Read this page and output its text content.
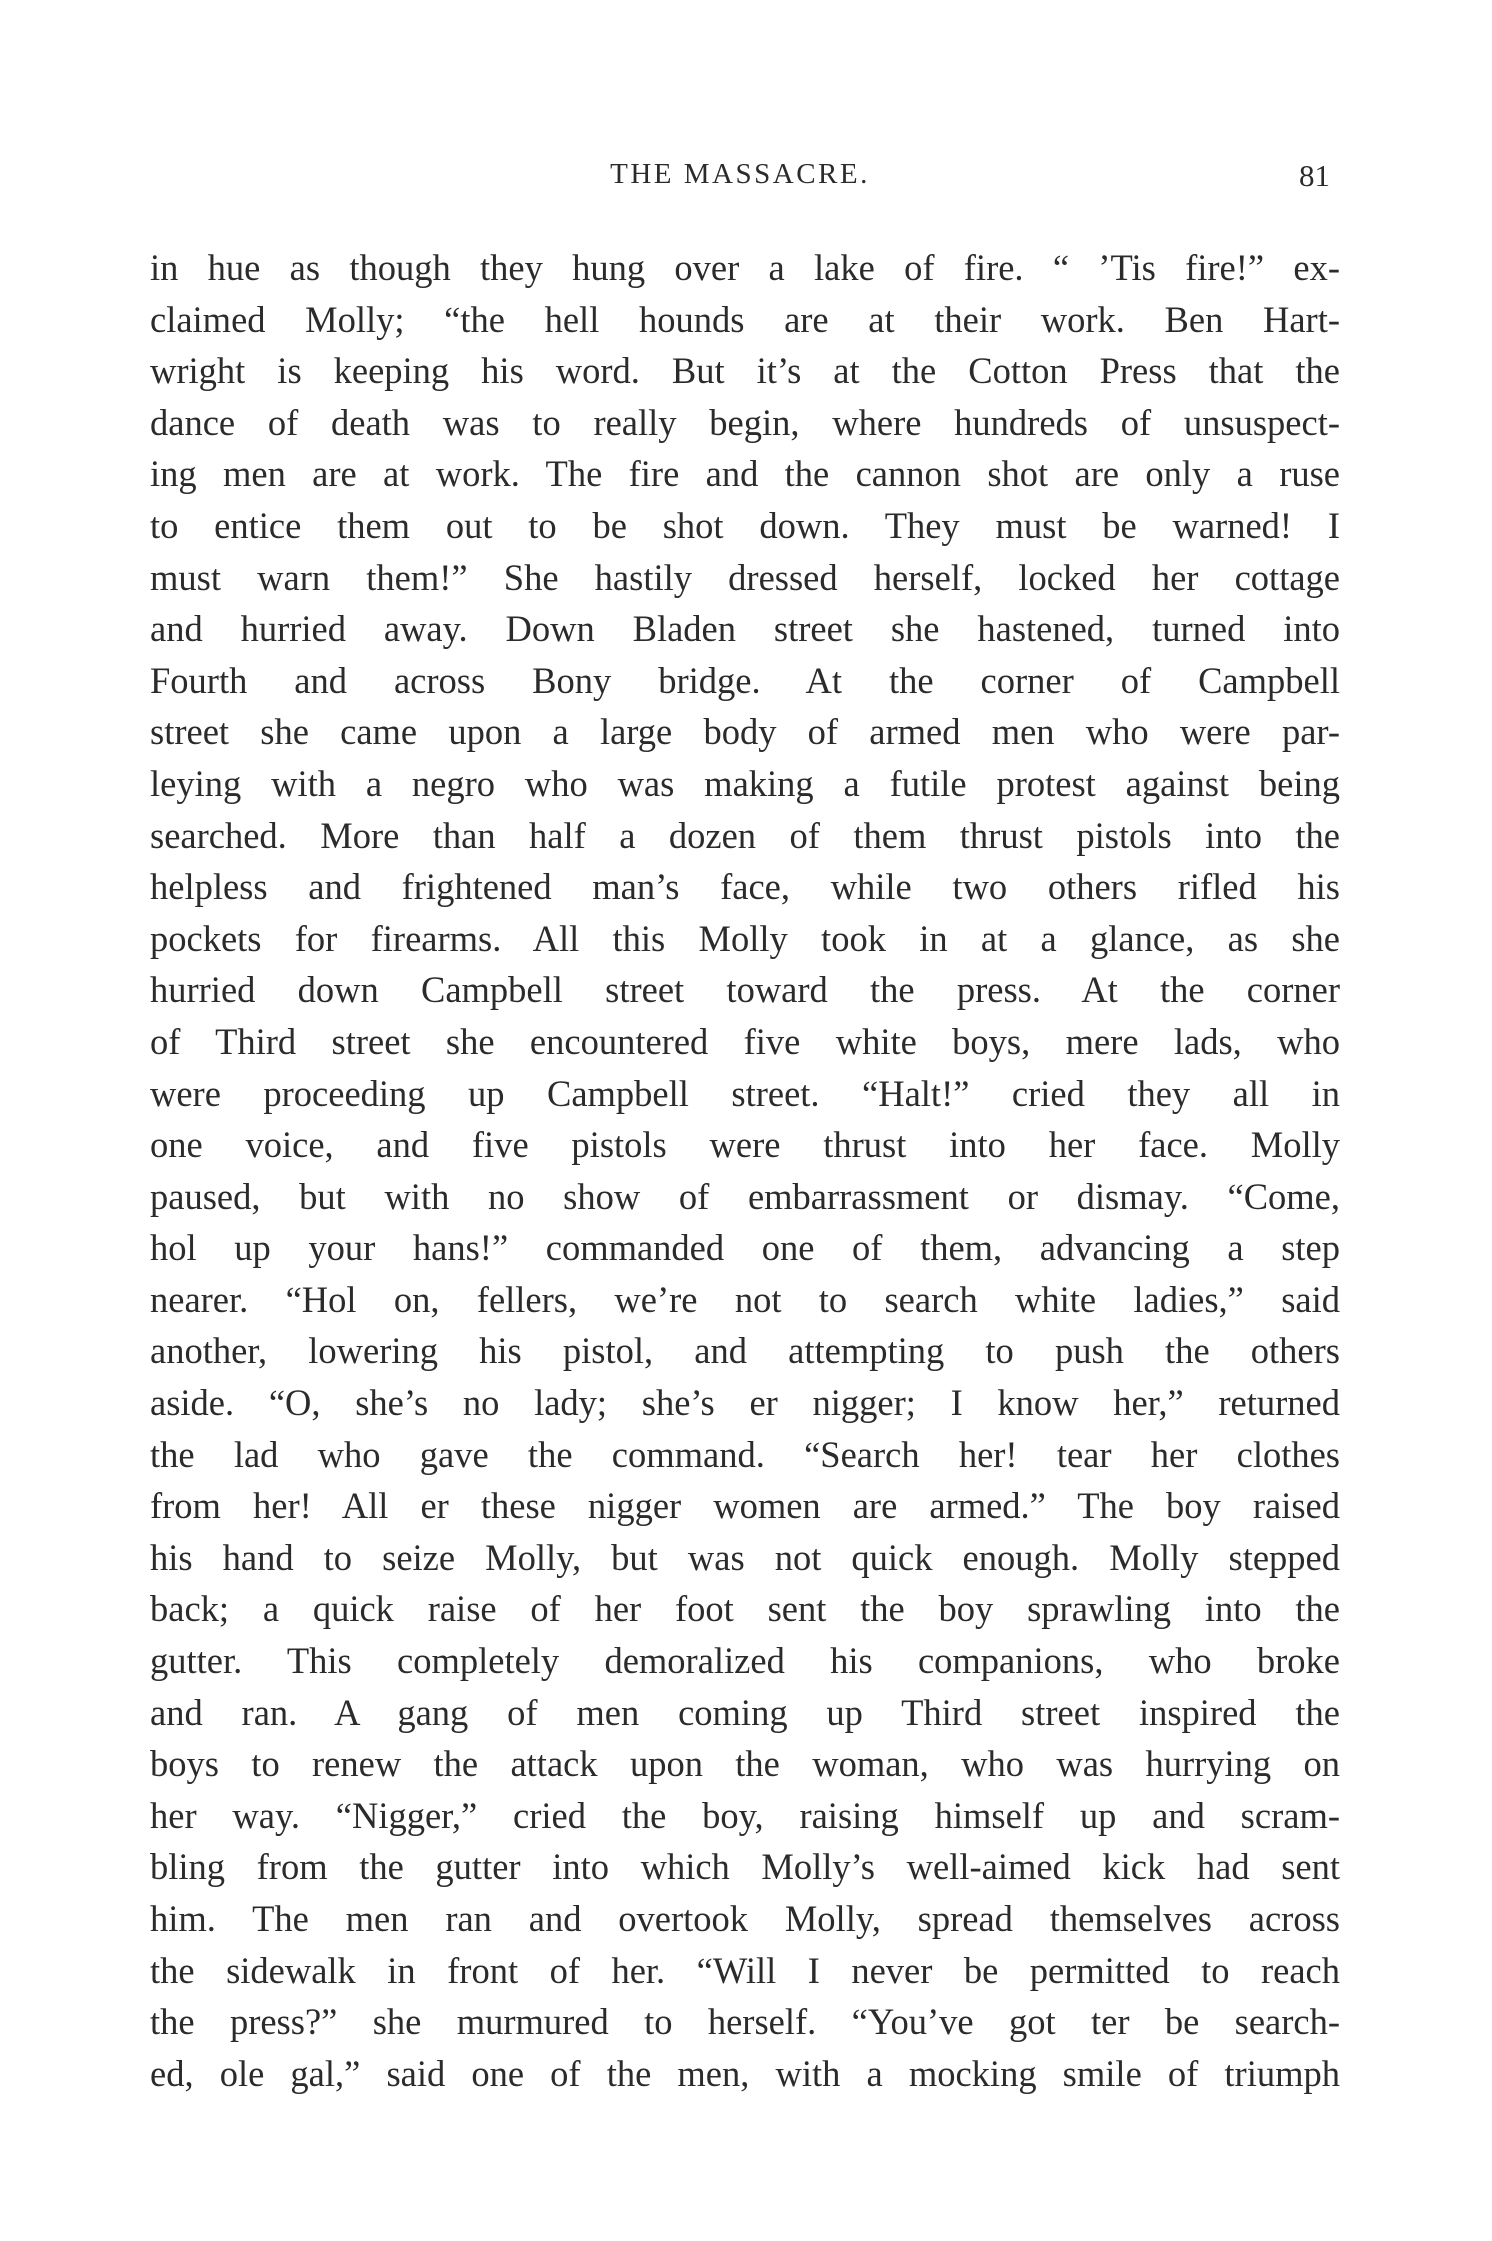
THE MASSACRE.	81
in hue as though they hung over a lake of fire. “ ’Tis fire!” ex-
claimed Molly; “the hell hounds are at their work. Ben Hart-
wright is keeping his word. But it’s at the Cotton Press that the
dance of death was to really begin, where hundreds of unsuspect-
ing men are at work. The fire and the cannon shot are only a ruse
to entice them out to be shot down. They must be warned! I
must warn them!” She hastily dressed herself, locked her cottage
and hurried away. Down Bladen street she hastened, turned into
Fourth and across Bony bridge. At the corner of Campbell
street she came upon a large body of armed men who were par-
leying with a negro who was making a futile protest against being
searched. More than half a dozen of them thrust pistols into the
helpless and frightened man’s face, while two others rifled his
pockets for firearms. All this Molly took in at a glance, as she
hurried down Campbell street toward the press. At the corner
of Third street she encountered five white boys, mere lads, who
were proceeding up Campbell street. “Halt!” cried they all in
one voice, and five pistols were thrust into her face. Molly
paused, but with no show of embarrassment or dismay. “Come,
hol up your hans!” commanded one of them, advancing a step
nearer. “Hol on, fellers, we’re not to search white ladies,” said
another, lowering his pistol, and attempting to push the others
aside. “O, she’s no lady; she’s er nigger; I know her,” returned
the lad who gave the command. “Search her! tear her clothes
from her! All er these nigger women are armed.” The boy raised
his hand to seize Molly, but was not quick enough. Molly stepped
back; a quick raise of her foot sent the boy sprawling into the
gutter. This completely demoralized his companions, who broke
and ran. A gang of men coming up Third street inspired the
boys to renew the attack upon the woman, who was hurrying on
her way. “Nigger,” cried the boy, raising himself up and scram-
bling from the gutter into which Molly’s well-aimed kick had sent
him. The men ran and overtook Molly, spread themselves across
the sidewalk in front of her. “Will I never be permitted to reach
the press?” she murmured to herself. “You’ve got ter be search-
ed, ole gal,” said one of the men, with a mocking smile of triumph
